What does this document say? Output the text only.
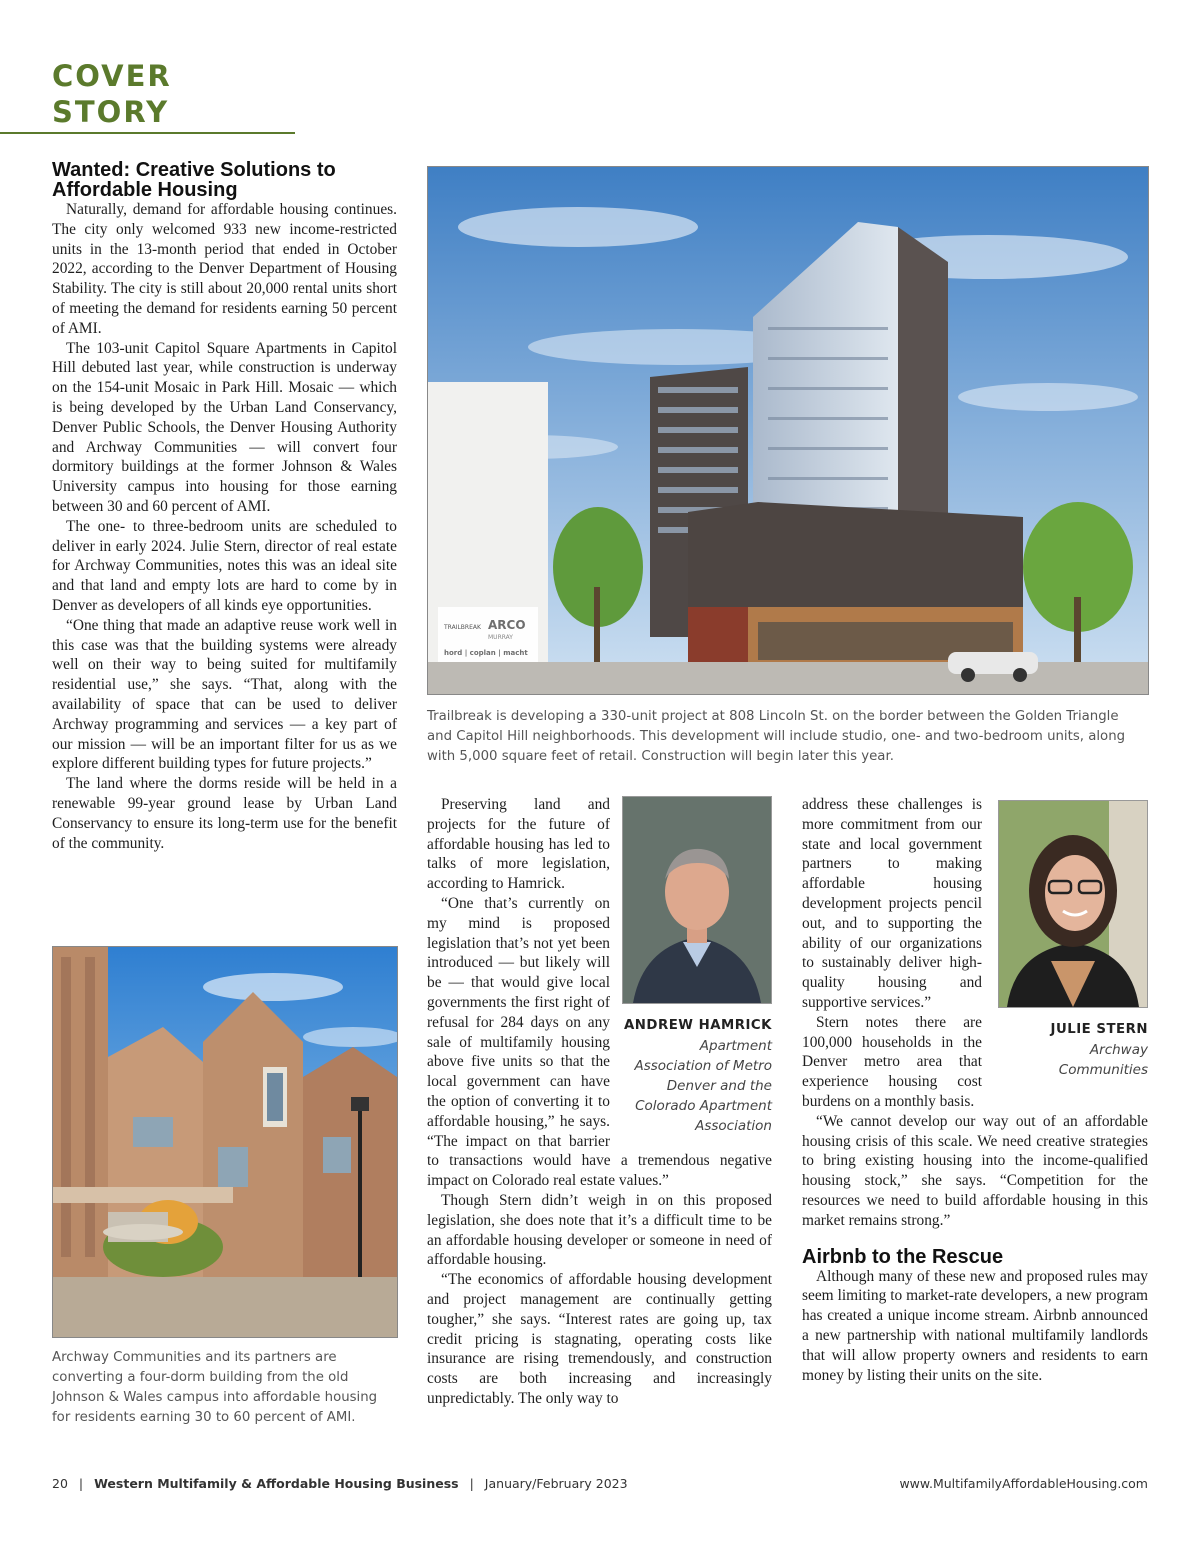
COVER STORY
Wanted: Creative Solutions to Affordable Housing

Naturally, demand for affordable housing continues. The city only welcomed 933 new income-restricted units in the 13-month period that ended in October 2022, according to the Denver Department of Housing Stability. The city is still about 20,000 rental units short of meeting the demand for residents earning 50 percent of AMI.

The 103-unit Capitol Square Apartments in Capitol Hill debuted last year, while construction is underway on the 154-unit Mosaic in Park Hill. Mosaic — which is being developed by the Urban Land Conservancy, Denver Public Schools, the Denver Housing Authority and Archway Communities — will convert four dormitory buildings at the former Johnson & Wales University campus into housing for those earning between 30 and 60 percent of AMI.

The one- to three-bedroom units are scheduled to deliver in early 2024. Julie Stern, director of real estate for Archway Communities, notes this was an ideal site and that land and empty lots are hard to come by in Denver as developers of all kinds eye opportunities.

“One thing that made an adaptive reuse work well in this case was that the building systems were already well on their way to being suited for multifamily residential use,” she says. “That, along with the availability of space that can be used to deliver Archway programming and services — a key part of our mission — will be an important filter for us as we explore different building types for future projects.”

The land where the dorms reside will be held in a renewable 99-year ground lease by Urban Land Conservancy to ensure its long-term use for the benefit of the community.

Archway Communities and its partners are converting a four-dorm building from the old Johnson & Wales campus into affordable housing for residents earning 30 to 60 percent of AMI.
TRAILBREAK ARCO
MURRAY
hord | coplan | macht
Trailbreak is developing a 330-unit project at 808 Lincoln St. on the border between the Golden Triangle and Capitol Hill neighborhoods. This development will include studio, one- and two-bedroom units, along with 5,000 square feet of retail. Construction will begin later this year.
ANDREW HAMRICK
Apartment Association of Metro Denver and the Colorado Apartment Association

Preserving land and projects for the future of affordable housing has led to talks of more legislation, according to Hamrick.

“One that’s currently on my mind is proposed legislation that’s not yet been introduced — but likely will be — that would give local governments the first right of refusal for 284 days on any sale of multifamily housing above five units so that the local government can have the option of converting it to affordable housing,” he says. “The impact on that barrier to transactions would have a tremendous negative impact on Colorado real estate values.”

Though Stern didn’t weigh in on this proposed legislation, she does note that it’s a difficult time to be an affordable housing developer or someone in need of affordable housing.

“The economics of affordable housing development and project management are continually getting tougher,” she says. “Interest rates are going up, tax credit pricing is stagnating, operating costs like insurance are rising tremendously, and construction costs are both increasing and increasingly unpredictably. The only way to

JULIE STERN
Archway Communities

address these challenges is more commitment from our state and local government partners to making affordable housing development projects pencil out, and to supporting the ability of our organizations to sustainably deliver high-quality housing and supportive services.”

Stern notes there are 100,000 households in the Denver metro area that experience housing cost burdens on a monthly basis.

“We cannot develop our way out of an affordable housing crisis of this scale. We need creative strategies to bring existing housing into the income-qualified housing stock,” she says. “Competition for the resources we need to build affordable housing in this market remains strong.”

Airbnb to the Rescue

Although many of these new and proposed rules may seem limiting to market-rate developers, a new program has created a unique income stream. Airbnb announced a new partnership with national multifamily landlords that will allow property owners and residents to earn money by listing their units on the site.

20 | Western Multifamily & Affordable Housing Business | January/February 2023	www.MultifamilyAffordableHousing.com
